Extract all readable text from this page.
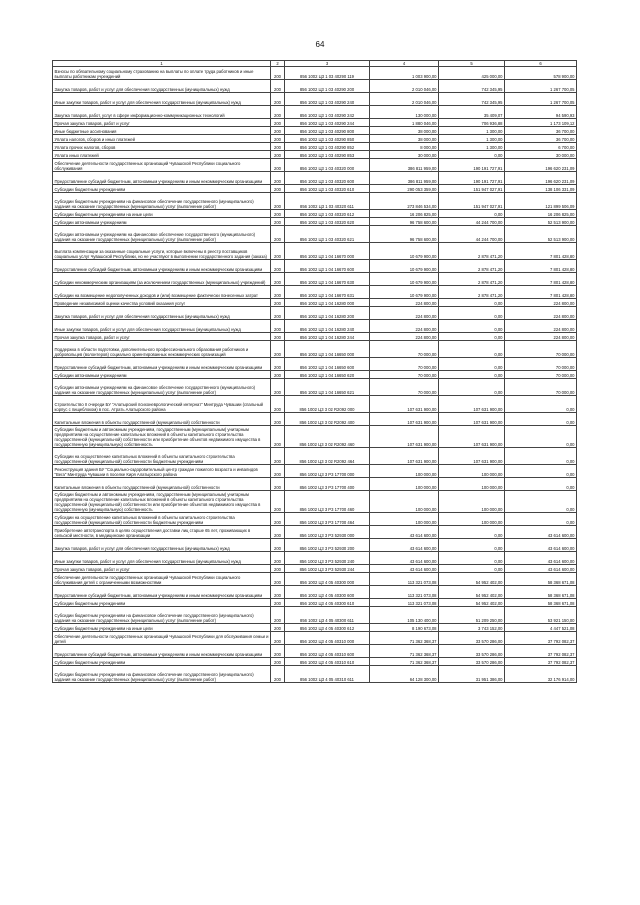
64
1	2	3	4	5	6
Взносы по обязательному социальному страхованию на выплаты по оплате труда работников и иные выплаты работникам учреждений	200	856 1002 Ц3 1 03 40290 119	1 003 900,00	425 000,00	578 900,00
Закупка товаров, работ и услуг для обеспечения государственных (муниципальных) нужд	200	856 1002 Ц3 1 03 40290 200	2 010 046,00	742 345,95	1 267 700,05
Иные закупки товаров, работ и услуг для обеспечения государственных (муниципальных) нужд	200	856 1002 Ц3 1 03 40290 240	2 010 046,00	742 345,95	1 267 700,05
Закупка товаров, работ, услуг в сфере информационно-коммуникационных технологий	200	856 1002 Ц3 1 03 40290 242	130 000,00	35 409,07	94 590,93
Прочая закупка товаров, работ и услуг	200	856 1002 Ц3 1 03 40290 244	1 880 046,00	706 936,88	1 173 109,12
Иные бюджетные ассигнования	200	856 1002 Ц3 1 03 40290 800	38 000,00	1 300,00	36 700,00
Уплата налогов, сборов и иных платежей	200	856 1002 Ц3 1 03 40290 850	38 000,00	1 300,00	36 700,00
Уплата прочих налогов, сборов	200	856 1002 Ц3 1 03 40290 852	8 000,00	1 300,00	6 700,00
Уплата иных платежей	200	856 1002 Ц3 1 03 40290 853	30 000,00	0,00	30 000,00
Обеспечение деятельности государственных организаций Чувашской Республики социального обслуживания	200	856 1002 Ц3 1 03 40320 000	386 811 959,00	190 191 727,91	196 620 231,09
Предоставление субсидий бюджетным, автономным учреждениям и иным некоммерческим организациям	200	856 1002 Ц3 1 03 40320 600	386 811 959,00	190 191 727,91	196 620 231,09
Субсидии бюджетным учреждениям	200	856 1002 Ц3 1 03 40320 610	290 053 359,00	151 947 027,91	138 106 331,09
Субсидии бюджетным учреждениям на финансовое обеспечение государственного (муниципального) задания на оказание государственных (муниципальных) услуг (выполнение работ)	200	856 1002 Ц3 1 03 40320 611	273 846 534,00	151 947 027,91	121 899 506,09
Субсидии бюджетным учреждениям на иные цели	200	856 1002 Ц3 1 03 40320 612	16 206 825,00	0,00	16 206 825,00
Субсидии автономным учреждениям	200	856 1002 Ц3 1 03 40320 620	96 758 600,00	44 244 700,00	52 513 900,00
Субсидии автономным учреждениям на финансовое обеспечение государственного (муниципального) задания на оказание государственных (муниципальных) услуг (выполнение работ)	200	856 1002 Ц3 1 03 40320 621	96 758 600,00	44 244 700,00	52 513 900,00
Выплата компенсации за оказанные социальные услуги, которые включены в реестр поставщиков социальных услуг Чувашской Республики, но не участвуют в выполнении государственного задания (заказа)	200	856 1002 Ц3 1 04 16670 000	10 679 900,00	2 878 471,20	7 801 428,80
Предоставление субсидий бюджетным, автономным учреждениям и иным некоммерческим организациям	200	856 1002 Ц3 1 04 16670 600	10 679 900,00	2 878 471,20	7 801 428,80
Субсидии некоммерческим организациям (за исключением государственных (муниципальных) учреждений)	200	856 1002 Ц3 1 04 16670 630	10 679 900,00	2 878 471,20	7 801 428,80
Субсидии на возмещение недополученных доходов и (или) возмещение фактически понесенных затрат	200	856 1002 Ц3 1 04 16670 631	10 679 900,00	2 878 471,20	7 801 428,80
Проведение независимой оценки качества условий оказания услуг	200	856 1002 Ц3 1 04 16280 000	224 800,00	0,00	224 800,00
Закупка товаров, работ и услуг для обеспечения государственных (муниципальных) нужд	200	856 1002 Ц3 1 04 16280 200	224 800,00	0,00	224 800,00
Иные закупки товаров, работ и услуг для обеспечения государственных (муниципальных) нужд	200	856 1002 Ц3 1 04 16280 240	224 800,00	0,00	224 800,00
Прочая закупка товаров, работ и услуг	200	856 1002 Ц3 1 04 16280 244	224 800,00	0,00	224 800,00
Поддержка в области подготовки, дополнительного профессионального образования работников и добровольцев (волонтеров) социально ориентированных некоммерческих организаций	200	856 1002 Ц3 1 04 16650 000	70 000,00	0,00	70 000,00
Предоставление субсидий бюджетным, автономным учреждениям и иным некоммерческим организациям	200	856 1002 Ц3 1 04 16650 600	70 000,00	0,00	70 000,00
Субсидии автономным учреждениям	200	856 1002 Ц3 1 04 16650 620	70 000,00	0,00	70 000,00
Субсидии автономным учреждениям на финансовое обеспечение государственного (муниципального) задания на оказание государственных (муниципальных) услуг (выполнение работ)	200	856 1002 Ц3 1 04 16650 621	70 000,00	0,00	70 000,00
Строительство II очереди БУ "Алатырский психоневрологический интернат" Минтруда Чувашии (спальный корпус с пищеблоком) в пос. Атрать Алатырского района	200	856 1002 Ц3 3 02 R2092 000	107 631 900,00	107 631 900,00	0,00
Капитальные вложения в объекты государственной (муниципальной) собственности	200	856 1002 Ц3 3 02 R2092 400	107 631 900,00	107 631 900,00	0,00
Субсидии бюджетным и автономным учреждениям, государственным (муниципальным) унитарным предприятиям на осуществление капитальных вложений в объекты капитального строительства государственной (муниципальной) собственности или приобретение объектов недвижимого имущества в государственную (муниципальную) собственность	200	856 1002 Ц3 3 02 R2092 460	107 631 900,00	107 631 900,00	0,00
Субсидии на осуществление капитальных вложений в объекты капитального строительства государственной (муниципальной) собственности бюджетным учреждениям	200	856 1002 Ц3 3 02 R2092 464	107 631 900,00	107 631 900,00	0,00
Реконструкция здания БУ "Социально-оздоровительный центр граждан пожилого возраста и инвалидов "Вега" Минтруда Чувашии в поселке Киря Алатырского района	200	856 1002 Ц3 3 P3 17700 000	100 000,00	100 000,00	0,00
Капитальные вложения в объекты государственной (муниципальной) собственности	200	856 1002 Ц3 3 P3 17700 400	100 000,00	100 000,00	0,00
Субсидии бюджетным и автономным учреждениям, государственным (муниципальным) унитарным предприятиям на осуществление капитальных вложений в объекты капитального строительства государственной (муниципальной) собственности или приобретение объектов недвижимого имущества в государственную (муниципальную) собственность	200	856 1002 Ц3 3 P3 17700 460	100 000,00	100 000,00	0,00
Субсидии на осуществление капитальных вложений в объекты капитального строительства государственной (муниципальной) собственности бюджетным учреждениям	200	856 1002 Ц3 3 P3 17700 464	100 000,00	100 000,00	0,00
Приобретение автотранспорта в целях осуществления доставки лиц старше 65 лет, проживающих в сельской местности, в медицинские организации	200	856 1002 Ц3 3 P3 52930 000	43 614 600,00	0,00	43 614 600,00
Закупка товаров, работ и услуг для обеспечения государственных (муниципальных) нужд	200	856 1002 Ц3 3 P3 52930 200	43 614 600,00	0,00	43 614 600,00
Иные закупки товаров, работ и услуг для обеспечения государственных (муниципальных) нужд	200	856 1002 Ц3 3 P3 52930 240	43 614 600,00	0,00	43 614 600,00
Прочая закупка товаров, работ и услуг	200	856 1002 Ц3 3 P3 52930 244	43 614 600,00	0,00	43 614 600,00
Обеспечение деятельности государственных организаций Чувашской Республики социального обслуживания детей с ограниченными возможностями	200	856 1002 Ц3 4 05 40300 000	113 321 073,08	54 952 402,00	58 368 671,08
Предоставление субсидий бюджетным, автономным учреждениям и иным некоммерческим организациям	200	856 1002 Ц3 4 05 40300 600	113 321 073,08	54 952 402,00	58 368 671,08
Субсидии бюджетным учреждениям	200	856 1002 Ц3 4 05 40300 610	113 321 073,08	54 952 402,00	58 368 671,08
Субсидии бюджетным учреждениям на финансовое обеспечение государственного (муниципального) задания на оказание государственных (муниципальных) услуг (выполнение работ)	200	856 1002 Ц3 4 05 40300 611	105 130 400,00	51 209 250,00	53 921 150,00
Субсидии бюджетным учреждениям на иные цели	200	856 1002 Ц3 4 05 40300 612	8 190 673,08	3 743 152,00	4 447 521,08
Обеспечение деятельности государственных организаций Чувашской Республики для обслуживания семьи и детей	200	856 1002 Ц3 4 05 40310 000	71 362 368,37	33 570 286,00	37 792 082,37
Предоставление субсидий бюджетным, автономным учреждениям и иным некоммерческим организациям	200	856 1002 Ц3 4 05 40310 600	71 362 368,37	33 570 286,00	37 792 082,37
Субсидии бюджетным учреждениям	200	856 1002 Ц3 4 05 40310 610	71 362 368,37	33 570 286,00	37 792 082,37
Субсидии бюджетным учреждениям на финансовое обеспечение государственного (муниципального) задания на оказание государственных (муниципальных) услуг (выполнение работ)	200	856 1002 Ц3 4 05 40310 611	64 128 300,00	31 951 386,00	32 176 914,00
